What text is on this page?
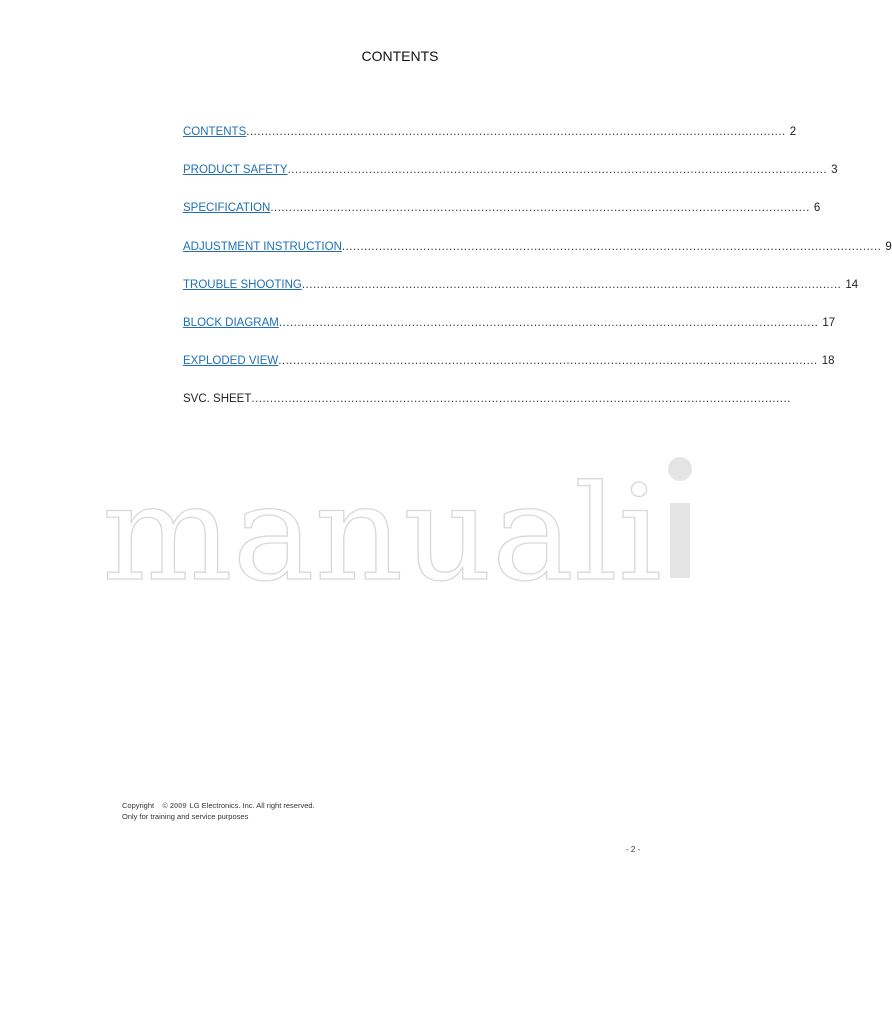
CONTENTS
CONTENTS .................................................................................................................................................. 2
PRODUCT SAFETY .................................................................................................................................................. 3
SPECIFICATION .................................................................................................................................................. 6
ADJUSTMENT INSTRUCTION .................................................................................................................................................. 9
TROUBLE SHOOTING .................................................................................................................................................. 14
BLOCK DIAGRAM .................................................................................................................................................. 17
EXPLODED VIEW .................................................................................................................................................. 18
SVC. SHEET ..................................................................................................................................................
manuali
Copyright © 2009 LG Electronics. Inc. All right reserved.
Only for training and service purposes
- 2 -
